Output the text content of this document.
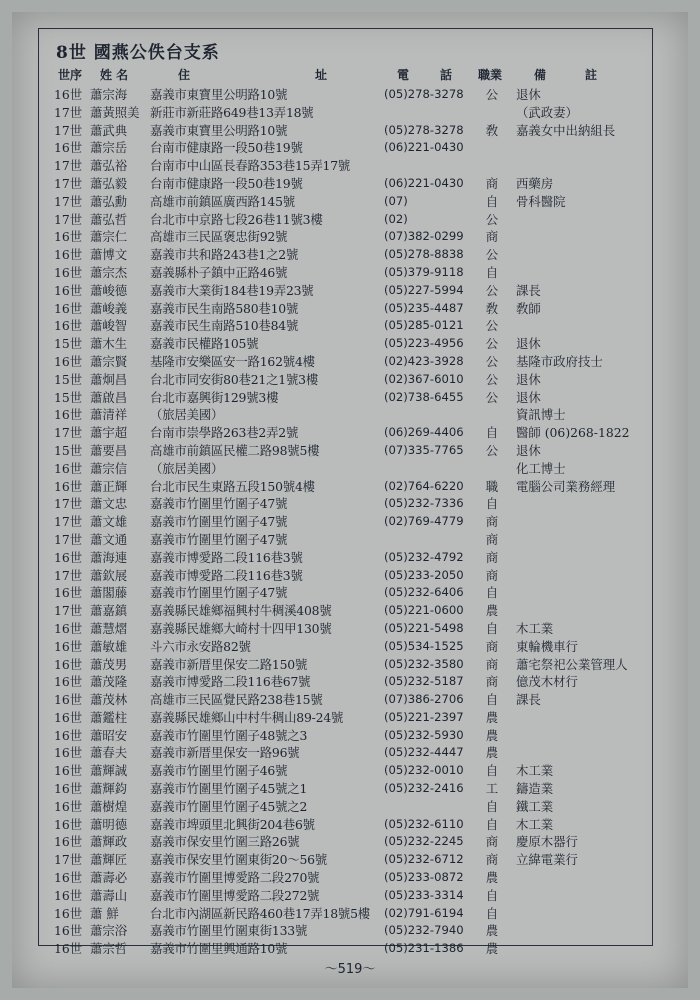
8世 國燕公佚台支系
世序 姓 名	住	址	電	話 職業	備	註
16世 蕭宗海	嘉義市東寶里公明路10號	(05)278-3278	公	退休
17世 蕭黃照美 新莊市新莊路649巷13弄18號	（武政妻）
17世 蕭武典	嘉義市東寶里公明路10號	(05)278-3278	敎	嘉義女中出納組長
16世 蕭宗岳	台南市健康路一段50巷19號	(06)221-0430
17世 蕭弘裕	台南市中山區長春路353巷15弄17號
17世 蕭弘毅	台南市健康路一段50巷19號	(06)221-0430	商	西藥房
17世 蕭弘勳	高雄市前鎮區廣西路145號	(07)	自	骨科醫院
17世 蕭弘哲	台北市中京路七段26巷11號3樓	(02)	公
16世 蕭宗仁	高雄市三民區褒忠街92號	(07)382-0299	商
16世 蕭博文	嘉義市共和路243巷1之2號	(05)278-8838	公
16世 蕭宗杰	嘉義縣朴子鎮中正路46號	(05)379-9118	自
16世 蕭峻德	嘉義市大業街184巷19弄23號	(05)227-5994	公	課長
16世 蕭峻義	嘉義市民生南路580巷10號	(05)235-4487	敎	敎師
16世 蕭峻智	嘉義市民生南路510巷84號	(05)285-0121	公
15世 蕭木生	嘉義市民權路105號	(05)223-4956	公	退休
16世 蕭宗賢	基隆市安樂區安一路162號4樓	(02)423-3928	公	基隆市政府技士
15世 蕭炯昌	台北市同安街80巷21之1號3樓	(02)367-6010	公	退休
15世 蕭啟昌	台北市嘉興街129號3樓	(02)738-6455	公	退休
16世 蕭清祥	（旅居美國）	資訊博士
17世 蕭宇超	台南市崇學路263巷2弄2號	(06)269-4406	自	醫師 (06)268-1822
15世 蕭要昌	高雄市前鎮區民權二路98號5樓	(07)335-7765	公	退休
16世 蕭宗信	（旅居美國）	化工博士
16世 蕭正輝	台北市民生東路五段150號4樓	(02)764-6220	職	電腦公司業務經理
17世 蕭文忠	嘉義市竹圍里竹圍子47號	(05)232-7336	自
17世 蕭文雄	嘉義市竹圍里竹圍子47號	(02)769-4779	商
17世 蕭文通	嘉義市竹圍里竹圍子47號	商
16世 蕭海連	嘉義市博愛路二段116巷3號	(05)232-4792	商
17世 蕭欽展	嘉義市博愛路二段116巷3號	(05)233-2050	商
16世 蕭閣藤	嘉義市竹圍里竹圍子47號	(05)232-6406	自
17世 蕭嘉鎮	嘉義縣民雄鄉福興村牛稠溪408號	(05)221-0600	農
16世 蕭慧熠	嘉義縣民雄鄉大崎村十四甲130號	(05)221-5498	自	木工業
16世 蕭敏雄	斗六市永安路82號	(05)534-1525	商	東輪機車行
16世 蕭茂男	嘉義市新厝里保安二路150號	(05)232-3580	商	蕭宅祭祀公業管理人
16世 蕭茂隆	嘉義市博愛路二段116巷67號	(05)232-5187	商	億茂木材行
16世 蕭茂林	高雄市三民區覺民路238巷15號	(07)386-2706	自	課長
16世 蕭鑑柱	嘉義縣民雄鄉山中村牛稠山89-24號	(05)221-2397	農
16世 蕭昭安	嘉義市竹圍里竹圍子48號之3	(05)232-5930	農
16世 蕭春夫	嘉義市新厝里保安一路96號	(05)232-4447	農
16世 蕭輝誠	嘉義市竹圍里竹圍子46號	(05)232-0010	自	木工業
16世 蕭輝鈞	嘉義市竹圍里竹圍子45號之1	(05)232-2416	工	鑄造業
16世 蕭樹煌	嘉義市竹圍里竹圍子45號之2	自	鐵工業
16世 蕭明德	嘉義市埤頭里北興街204巷6號	(05)232-6110	自	木工業
16世 蕭輝政	嘉義市保安里竹圍三路26號	(05)232-2245	商	慶原木器行
17世 蕭輝匠	嘉義市保安里竹圍東街20～56號	(05)232-6712	商	立緯電業行
16世 蕭壽必	嘉義市竹圍里博愛路二段270號	(05)233-0872	農
16世 蕭壽山	嘉義市竹圍里博愛路二段272號	(05)233-3314	自
16世 蕭 鮮	台北市內湖區新民路460巷17弄18號5樓	(02)791-6194	自
16世 蕭宗浴	嘉義市竹圍里竹圍東街133號	(05)232-7940	農
16世 蕭宗哲	嘉義市竹圍里興通路10號	(05)231-1386	農
～519～
